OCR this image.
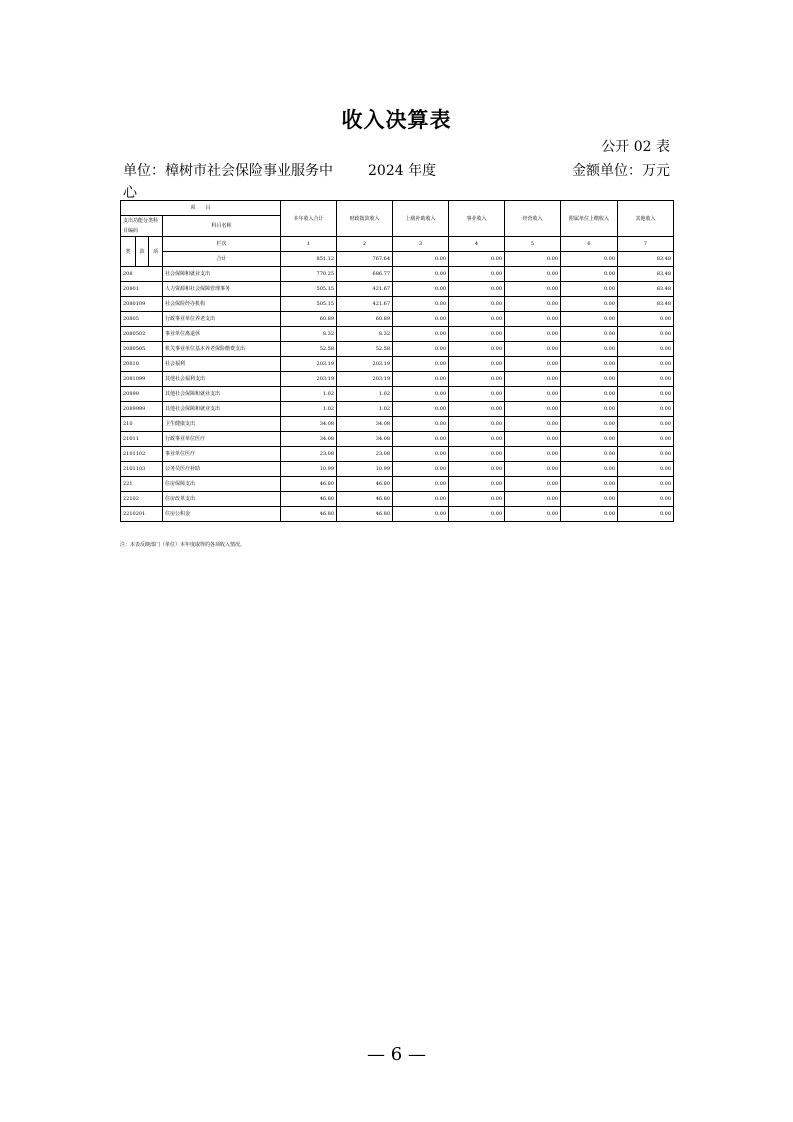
收入决算表
公开 02 表
单位：樟树市社会保险事业服务中心
2024 年度	金额单位：万元
项　　目				本年收入合计	财政拨款收入	上级补助收入	事业收入	经营收入	附属单位上缴收入	其他收入
支出功能分类科目编码			科目名称							
类	款	项	栏次	1	2	3	4	5	6	7
			合计	851.12	767.64	0.00	0.00	0.00	0.00	83.48
208			社会保障和就业支出	770.25	686.77	0.00	0.00	0.00	0.00	83.48
20801			人力资源和社会保障管理事务	505.15	421.67	0.00	0.00	0.00	0.00	83.48
2080109			社会保险经办机构	505.15	421.67	0.00	0.00	0.00	0.00	83.48
20805			行政事业单位养老支出	60.89	60.89	0.00	0.00	0.00	0.00	0.00
2080502			事业单位离退休	8.32	8.32	0.00	0.00	0.00	0.00	0.00
2080505			机关事业单位基本养老保险缴费支出	52.58	52.58	0.00	0.00	0.00	0.00	0.00
20810			社会福利	203.19	203.19	0.00	0.00	0.00	0.00	0.00
2081099			其他社会福利支出	203.19	203.19	0.00	0.00	0.00	0.00	0.00
20899			其他社会保障和就业支出	1.02	1.02	0.00	0.00	0.00	0.00	0.00
2089999			其他社会保障和就业支出	1.02	1.02	0.00	0.00	0.00	0.00	0.00
210			卫生健康支出	34.08	34.08	0.00	0.00	0.00	0.00	0.00
21011			行政事业单位医疗	34.08	34.08	0.00	0.00	0.00	0.00	0.00
2101102			事业单位医疗	23.08	23.08	0.00	0.00	0.00	0.00	0.00
2101103			公务员医疗补助	10.99	10.99	0.00	0.00	0.00	0.00	0.00
221			住房保障支出	46.80	46.80	0.00	0.00	0.00	0.00	0.00
22102			住房改革支出	46.80	46.80	0.00	0.00	0.00	0.00	0.00
2210201			住房公积金	46.80	46.80	0.00	0.00	0.00	0.00	0.00
注：本表反映部门（单位）本年度取得的各项收入情况。
— 6 —
